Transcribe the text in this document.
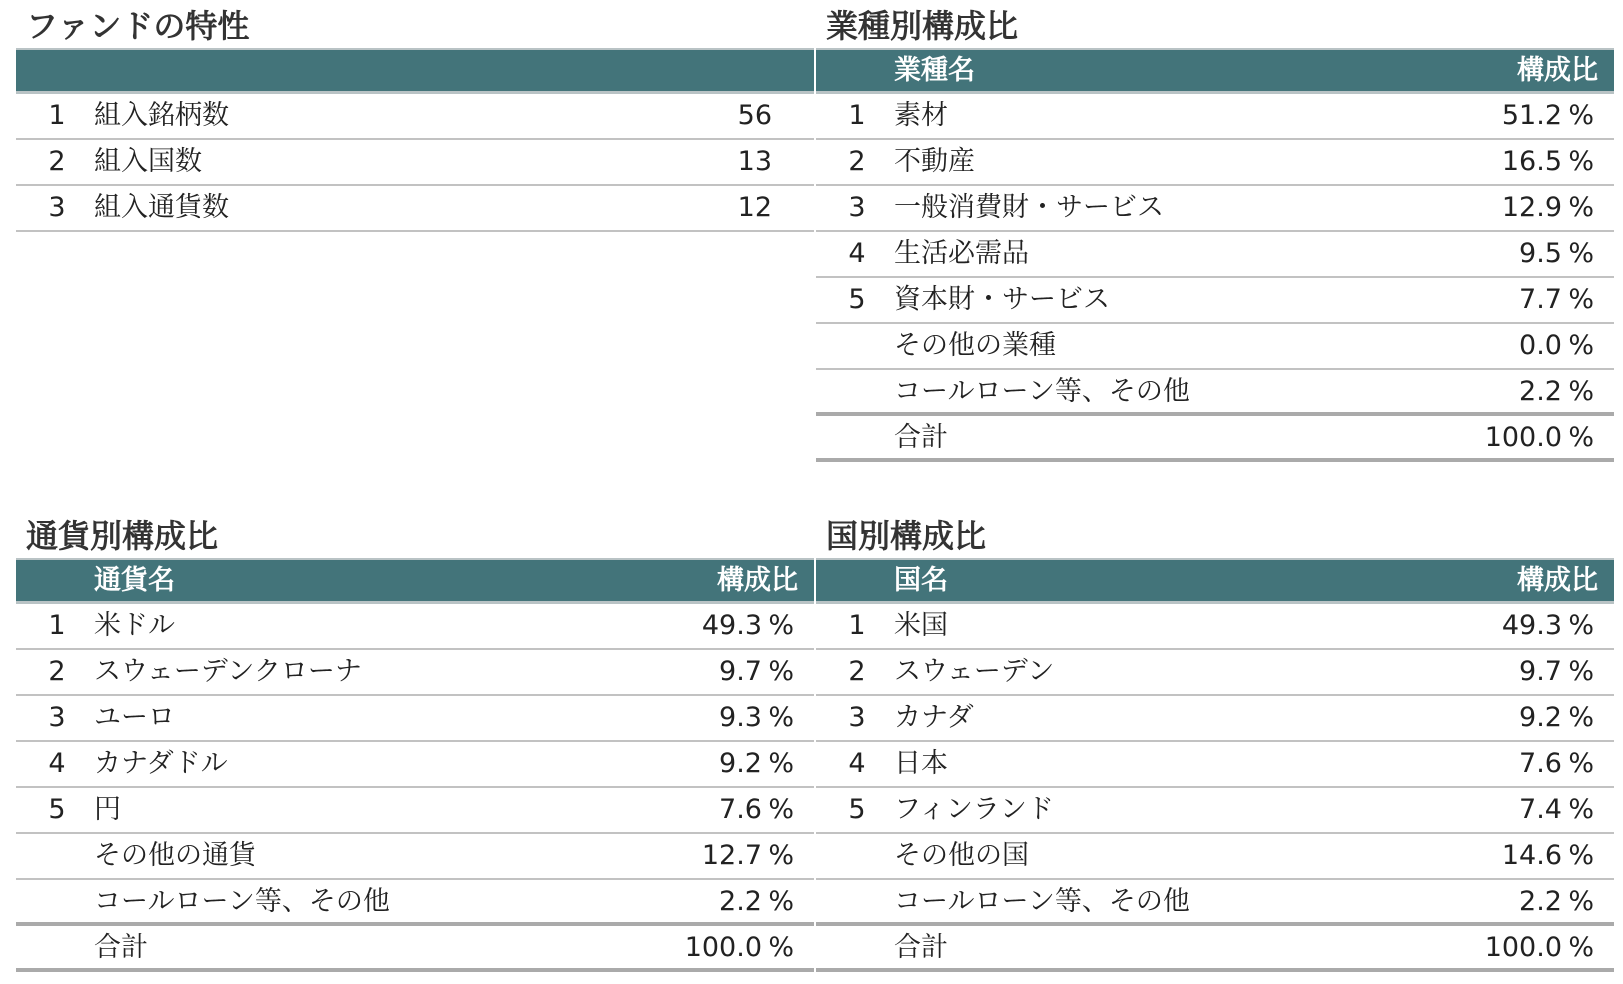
ファンドの特性
1 組入銘柄数	56
2 組入国数	13
3 組入通貨数	12
業種別構成比
業種名	構成比
1 素材	51.2 %
2 不動産	16.5 %
3 一般消費財・サービス	12.9 %
4 生活必需品	9.5 %
5 資本財・サービス	7.7 %
その他の業種	0.0 %
コールローン等、その他	2.2 %
合計	100.0 %
通貨別構成比
通貨名	構成比
1 米ドル	49.3 %
2 スウェーデンクローナ	9.7 %
3 ユーロ	9.3 %
4 カナダドル	9.2 %
5 円	7.6 %
その他の通貨	12.7 %
コールローン等、その他	2.2 %
合計	100.0 %
国別構成比
国名	構成比
1 米国	49.3 %
2 スウェーデン	9.7 %
3 カナダ	9.2 %
4 日本	7.6 %
5 フィンランド	7.4 %
その他の国	14.6 %
コールローン等、その他	2.2 %
合計	100.0 %
